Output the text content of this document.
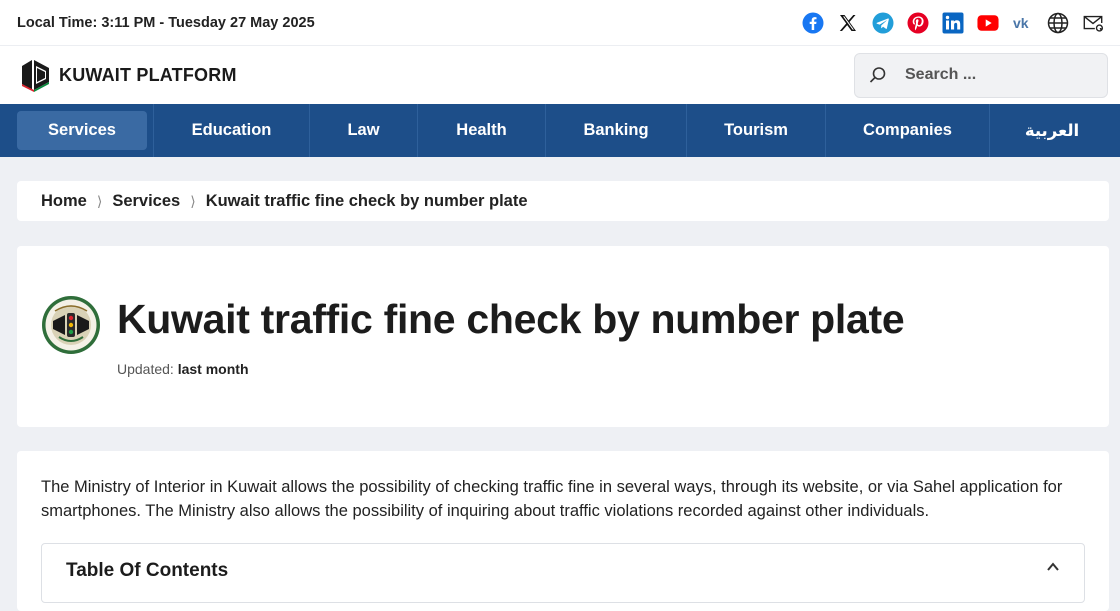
Local Time: 3:11 PM - Tuesday 27 May 2025	vk
KUWAIT PLATFORM
Search ...
Services	Education	Law	Health	Banking	Tourism	Companies	العربية
Home ⟩ Services ⟩ Kuwait traffic fine check by number plate
Kuwait traffic fine check by number plate
Updated: last month

The Ministry of Interior in Kuwait allows the possibility of checking traffic fine in several ways, through its website, or via Sahel application for smartphones. The Ministry also allows the possibility of inquiring about traffic violations recorded against other individuals.

Table Of Contents
